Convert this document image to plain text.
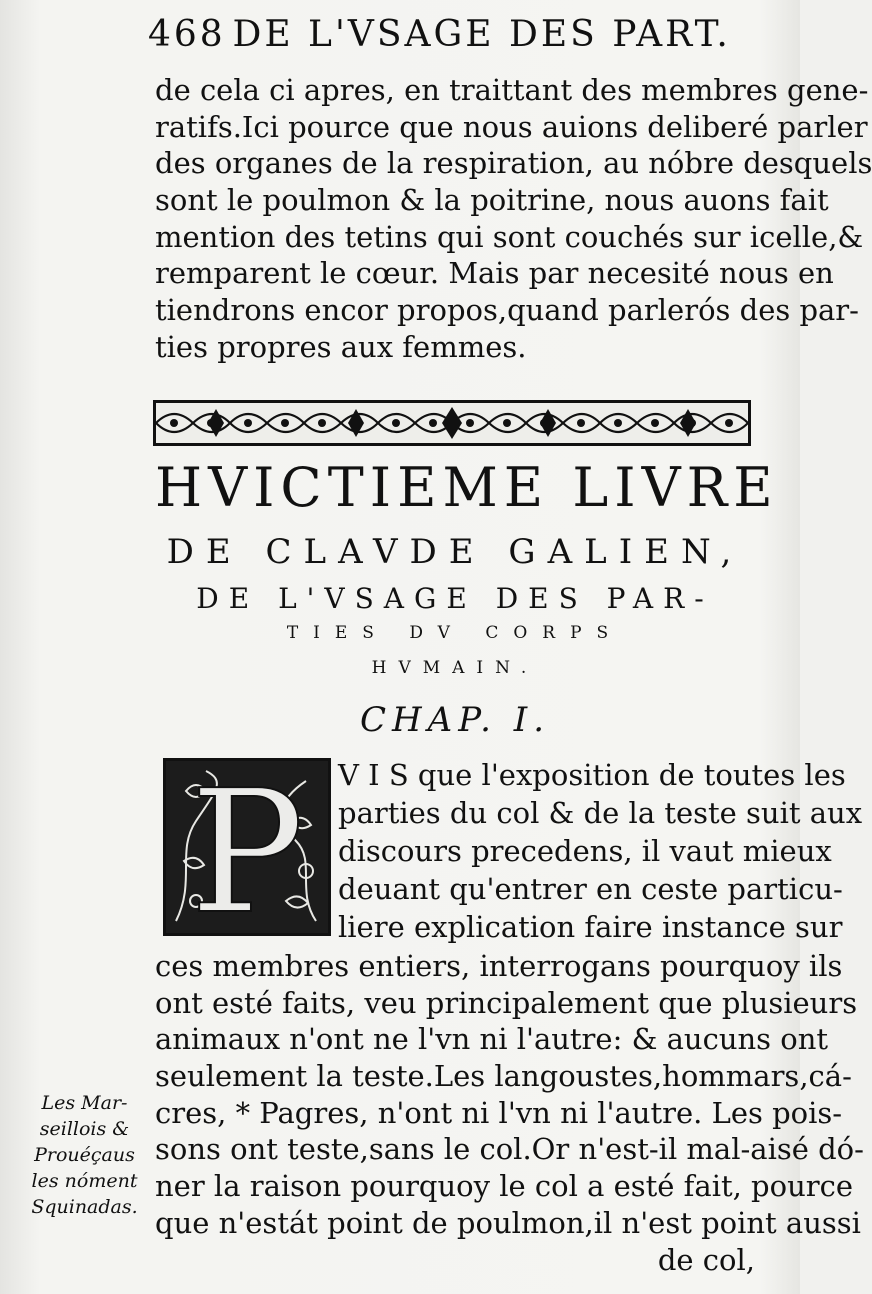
468 DE L'VSAGE DES PART.
de cela ci apres, en traittant des membres gene-
ratifs.Ici pource que nous auions deliberé parler
des organes de la respiration, au nóbre desquels
sont le poulmon & la poitrine, nous auons fait
mention des tetins qui sont couchés sur icelle,&
remparent le cœur. Mais par necesité nous en
tiendrons encor propos,quand parlerós des par-
ties propres aux femmes.
HVICTIEME LIVRE
DE CLAVDE GALIEN,
DE L'VSAGE DES PAR-
TIES DV CORPS
HVMAIN.
CHAP. I.
P V I S que l'exposition de toutes les
parties du col & de la teste suit aux
discours precedens, il vaut mieux
deuant qu'entrer en ceste particu-
liere explication faire instance sur
ces membres entiers, interrogans pourquoy ils
ont esté faits, veu principalement que plusieurs
animaux n'ont ne l'vn ni l'autre: & aucuns ont
seulement la teste.Les langoustes,hommars,cá-
cres, * Pagres, n'ont ni l'vn ni l'autre. Les pois-
sons ont teste,sans le col.Or n'est-il mal-aisé dó-
ner la raison pourquoy le col a esté fait, pource
que n'estát point de poulmon,il n'est point aussi
de col,
Les Mar-
seillois &
Prouéçaus
les nóment
Squinadas.
